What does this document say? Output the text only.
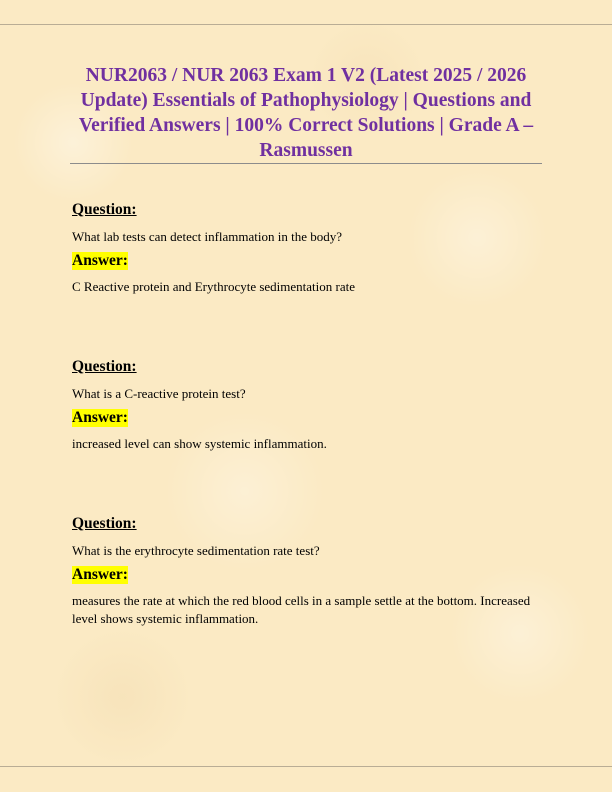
NUR2063 / NUR 2063 Exam 1 V2 (Latest 2025 / 2026 Update) Essentials of Pathophysiology | Questions and Verified Answers | 100% Correct Solutions | Grade A – Rasmussen
Question:
What lab tests can detect inflammation in the body?
Answer:
C Reactive protein and Erythrocyte sedimentation rate
Question:
What is a C-reactive protein test?
Answer:
increased level can show systemic inflammation.
Question:
What is the erythrocyte sedimentation rate test?
Answer:
measures the rate at which the red blood cells in a sample settle at the bottom. Increased level shows systemic inflammation.
